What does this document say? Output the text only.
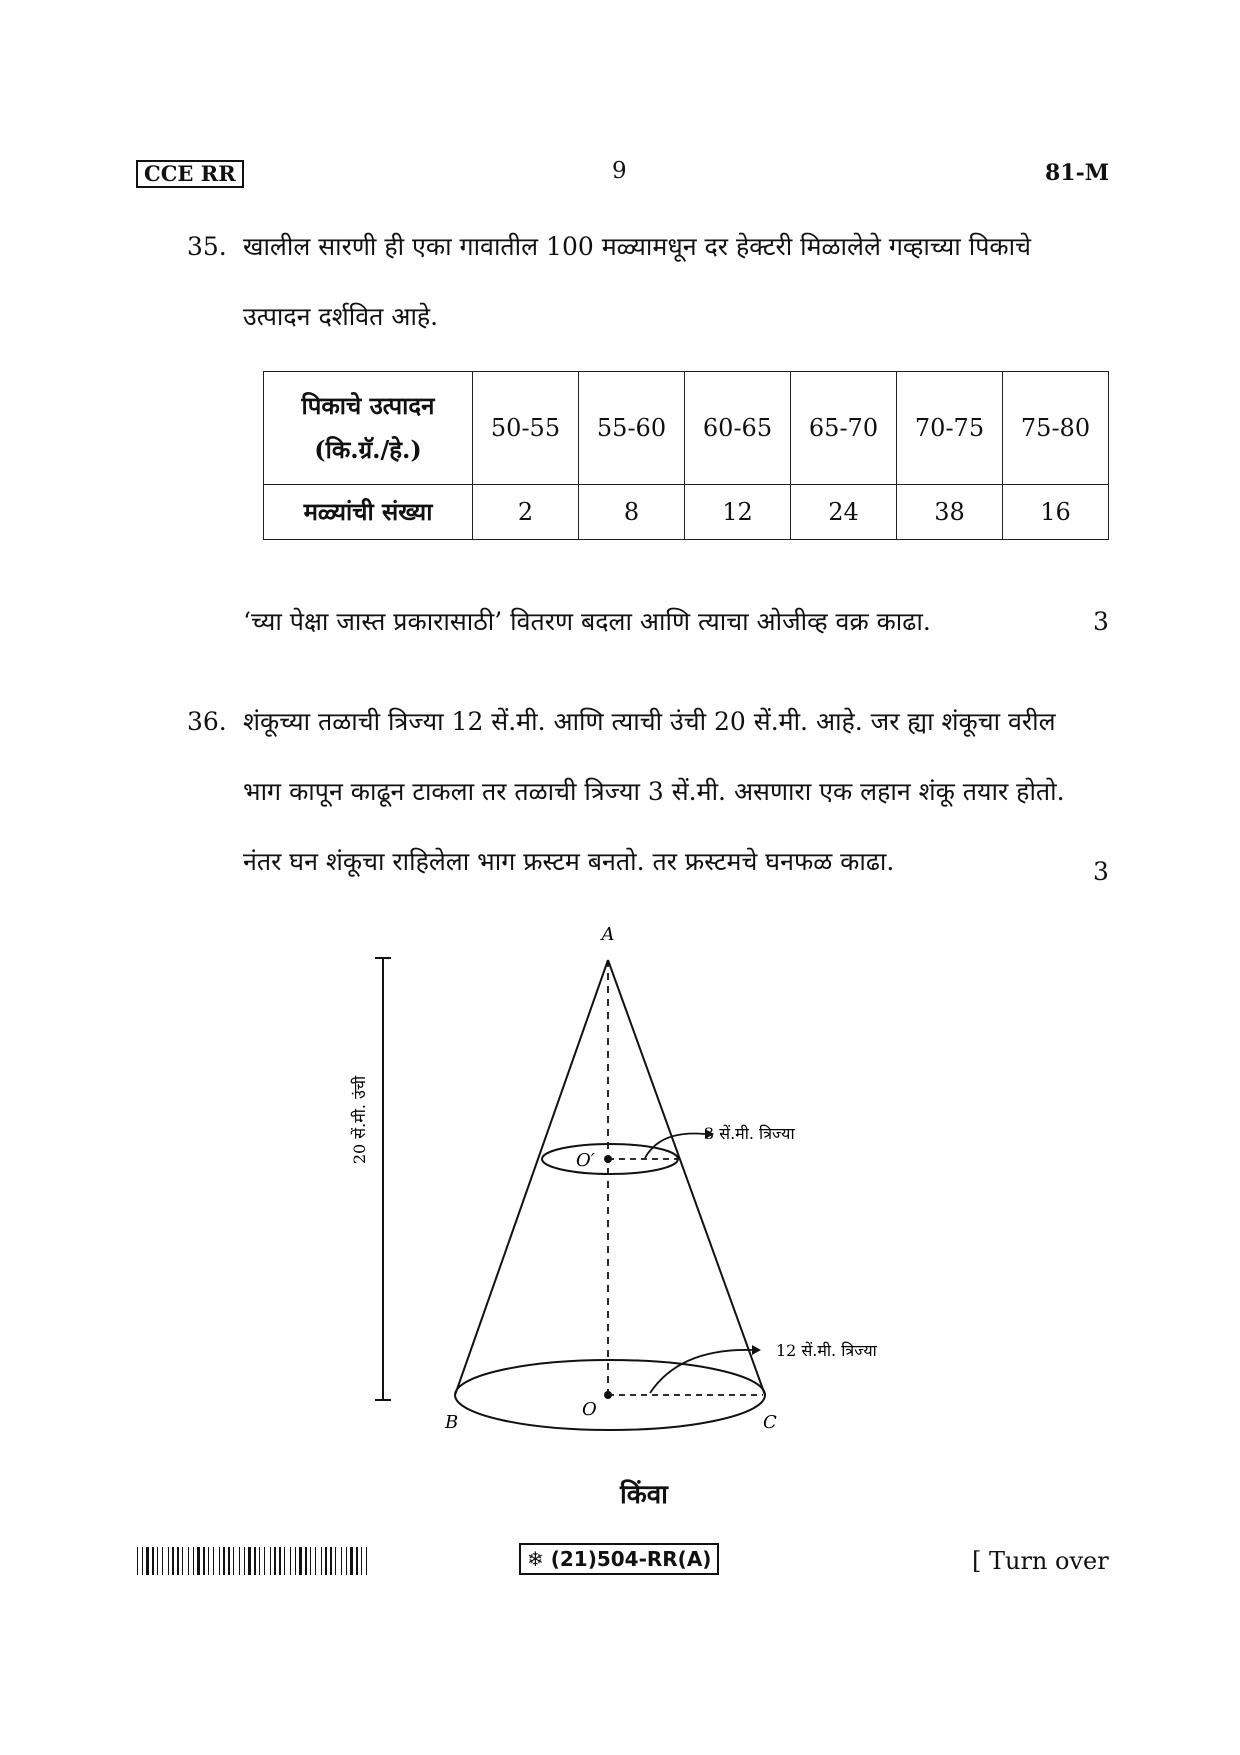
CCE RR	9	81-M
35. खालील सारणी ही एका गावातील 100 मळ्यामधून दर हेक्टरी मिळालेले गव्हाच्या पिकाचे
उत्पादन दर्शवित आहे.
पिकाचे उत्पादन
(कि.ग्रॅ./हे.)	50-55	55-60	60-65	65-70	70-75	75-80
मळ्यांची संख्या	2	8	12	24	38	16
‘च्या पेक्षा जास्त प्रकारासाठी’ वितरण बदला आणि त्याचा ओजीव्ह वक्र काढा.	3
36. शंकूच्या तळाची त्रिज्या 12 सें.मी. आणि त्याची उंची 20 सें.मी. आहे. जर ह्या शंकूचा वरील
भाग कापून काढून टाकला तर तळाची त्रिज्या 3 सें.मी. असणारा एक लहान शंकू तयार होतो.
नंतर घन शंकूचा राहिलेला भाग फ्रस्टम बनतो. तर फ्रस्टमचे घनफळ काढा.	3
20 सें.मी. उंची
A
B	C
O
O′
3 सें.मी. त्रिज्या
12 सें.मी. त्रिज्या
किंवा
❄ (21)504-RR(A)	[ Turn over
